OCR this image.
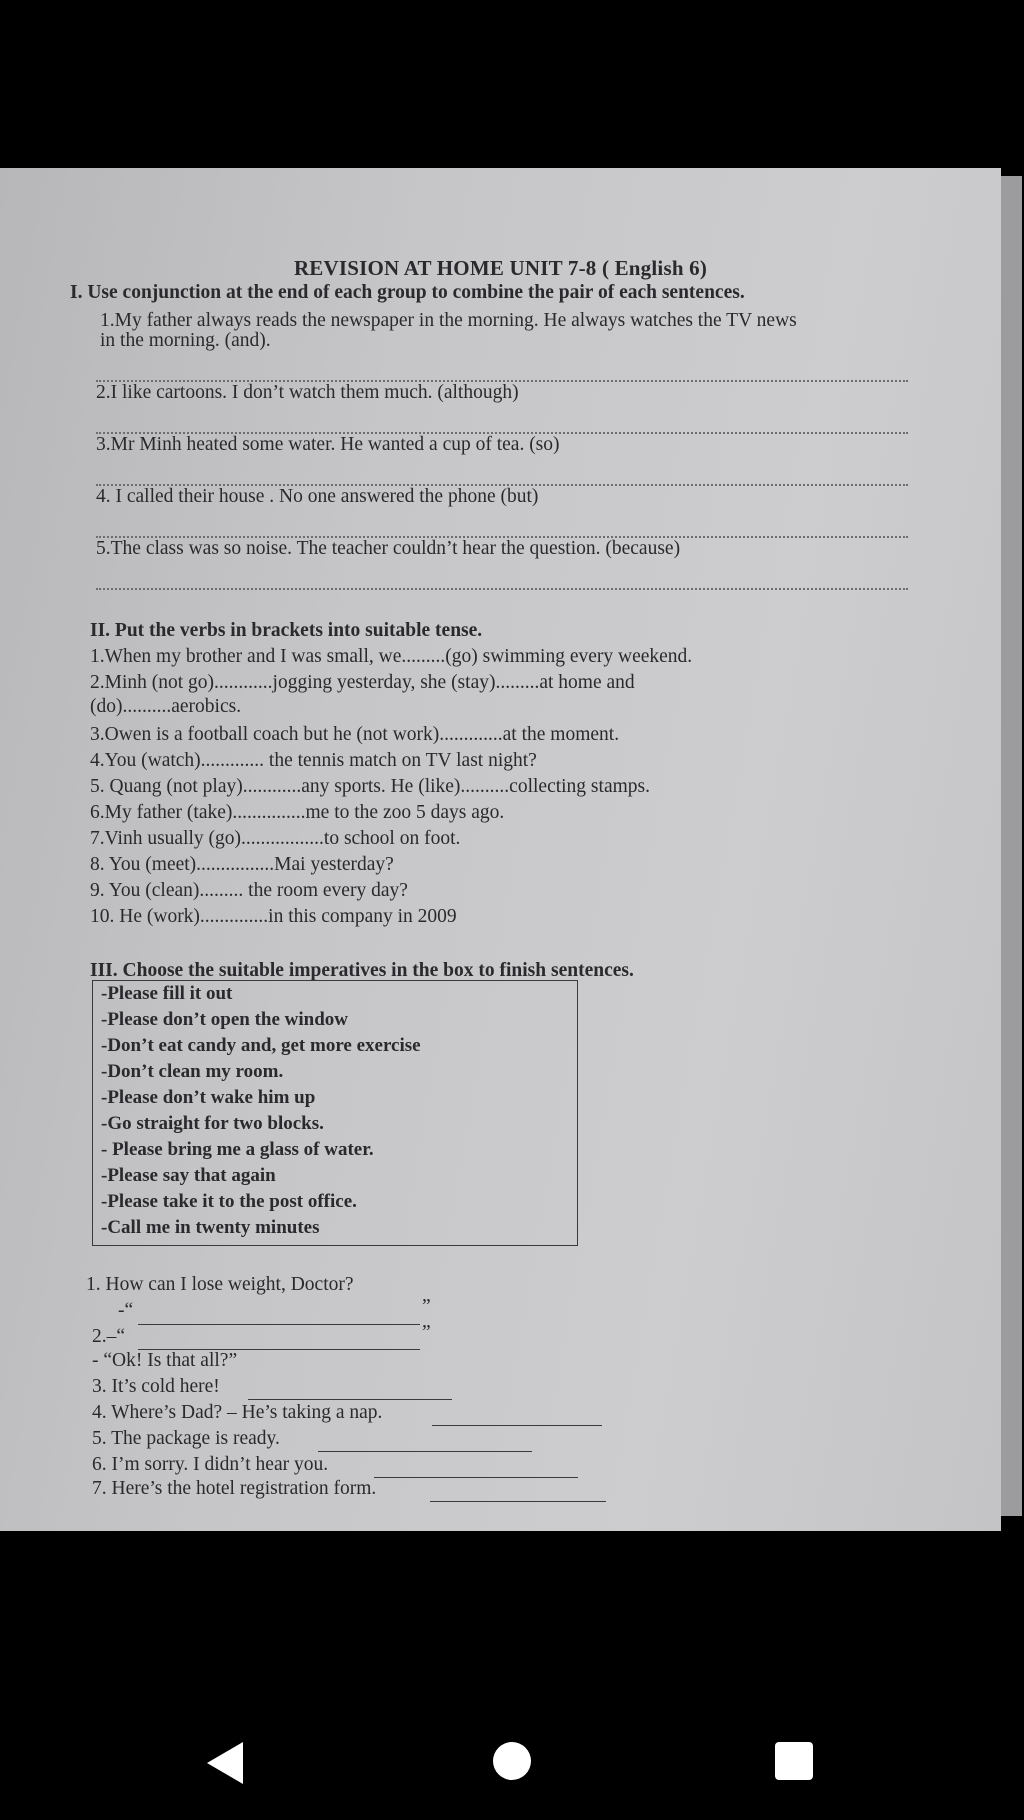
REVISION AT HOME UNIT 7-8 ( English 6)
I. Use conjunction at the end of each group to combine the pair of each sentences.
1.My father always reads the newspaper in the morning. He always watches the TV news
in the morning. (and).
2.I like cartoons. I don’t watch them much. (although)
3.Mr Minh heated some water. He wanted a cup of tea. (so)
4. I called their house . No one answered the phone (but)
5.The class was so noise. The teacher couldn’t hear the question. (because)
II. Put the verbs in brackets into suitable tense.
1.When my brother and I was small, we.........(go) swimming every weekend.
2.Minh (not go)............jogging yesterday, she (stay).........at home and
(do)..........aerobics.
3.Owen is a football coach but he (not work).............at the moment.
4.You (watch)............. the tennis match on TV last night?
5. Quang (not play)............any sports. He (like)..........collecting stamps.
6.My father (take)...............me to the zoo 5 days ago.
7.Vinh usually (go).................to school on foot.
8. You (meet)................Mai yesterday?
9. You (clean)......... the room every day?
10. He (work)..............in this company in 2009
III. Choose the suitable imperatives in the box to finish sentences.
-Please fill it out
-Please don’t open the window
-Don’t eat candy and, get more exercise
-Don’t clean my room.
-Please don’t wake him up
-Go straight for two blocks.
- Please bring me a glass of water.
-Please say that again
-Please take it to the post office.
-Call me in twenty minutes
1. How can I lose weight, Doctor?
-“	”
2.–“	”
- “Ok! Is that all?”
3. It’s cold here!
4. Where’s Dad? – He’s taking a nap.
5. The package is ready.
6. I’m sorry. I didn’t hear you.
7. Here’s the hotel registration form.
